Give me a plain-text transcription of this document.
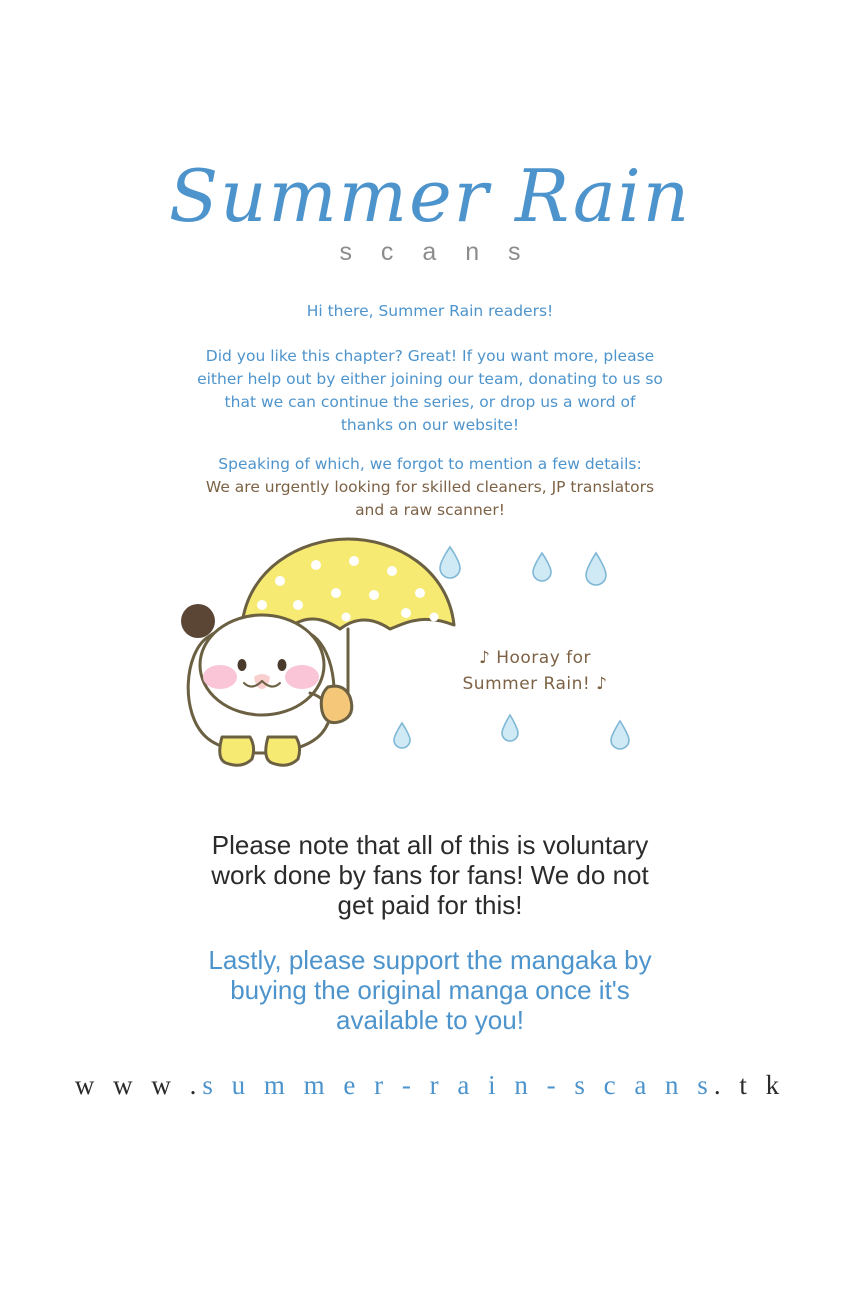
Summer Rain
s c a n s
Hi there, Summer Rain readers!
Did you like this chapter? Great! If you want more, please
either help out by either joining our team, donating to us so
that we can continue the series, or drop us a word of
thanks on our website!
Speaking of which, we forgot to mention a few details:
We are urgently looking for skilled cleaners, JP translators
and a raw scanner!
♪ Hooray for
Summer Rain! ♪
Please note that all of this is voluntary
work done by fans for fans! We do not
get paid for this!
Lastly, please support the mangaka by
buying the original manga once it's
available to you!
w w w .s u m m e r - r a i n - s c a n s. t k
